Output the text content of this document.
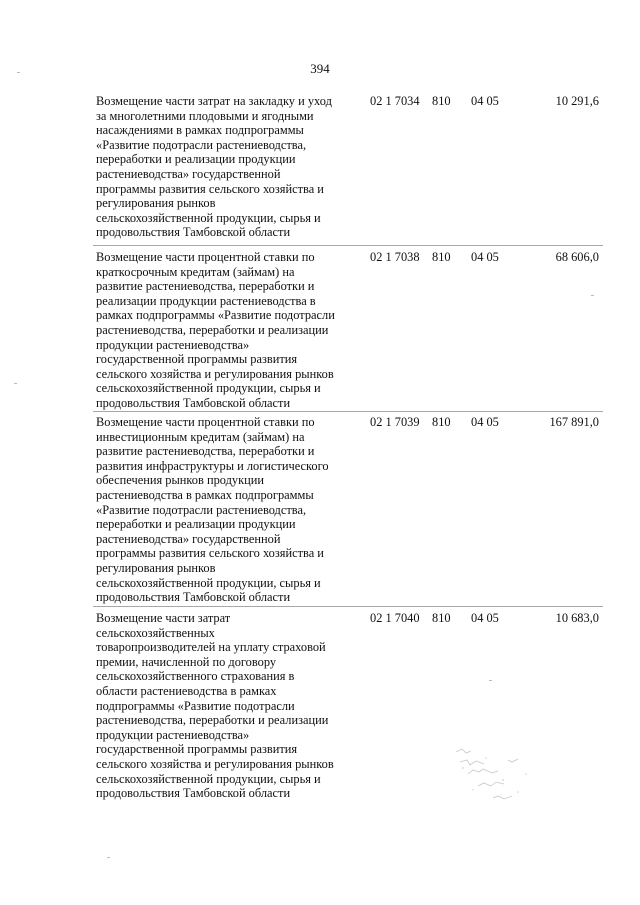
394
Возмещение части затрат на закладку и уход
за многолетними плодовыми и ягодными
насаждениями в рамках подпрограммы
«Развитие подотрасли растениеводства,
переработки и реализации продукции
растениеводства» государственной
программы развития сельского хозяйства и
регулирования рынков
сельскохозяйственной продукции, сырья и
продовольствия Тамбовской области
02 1 7034 810 04 05	10 291,6
Возмещение части процентной ставки по
краткосрочным кредитам (займам) на
развитие растениеводства, переработки и
реализации продукции растениеводства в
рамках подпрограммы «Развитие подотрасли
растениеводства, переработки и реализации
продукции растениеводства»
государственной программы развития
сельского хозяйства и регулирования рынков
сельскохозяйственной продукции, сырья и
продовольствия Тамбовской области
02 1 7038 810 04 05	68 606,0
Возмещение части процентной ставки по
инвестиционным кредитам (займам) на
развитие растениеводства, переработки и
развития инфраструктуры и логистического
обеспечения рынков продукции
растениеводства в рамках подпрограммы
«Развитие подотрасли растениеводства,
переработки и реализации продукции
растениеводства» государственной
программы развития сельского хозяйства и
регулирования рынков
сельскохозяйственной продукции, сырья и
продовольствия Тамбовской области
02 1 7039 810 04 05	167 891,0
Возмещение части затрат
сельскохозяйственных
товаропроизводителей на уплату страховой
премии, начисленной по договору
сельскохозяйственного страхования в
области растениеводства в рамках
подпрограммы «Развитие подотрасли
растениеводства, переработки и реализации
продукции растениеводства»
государственной программы развития
сельского хозяйства и регулирования рынков
сельскохозяйственной продукции, сырья и
продовольствия Тамбовской области
02 1 7040 810 04 05	10 683,0
